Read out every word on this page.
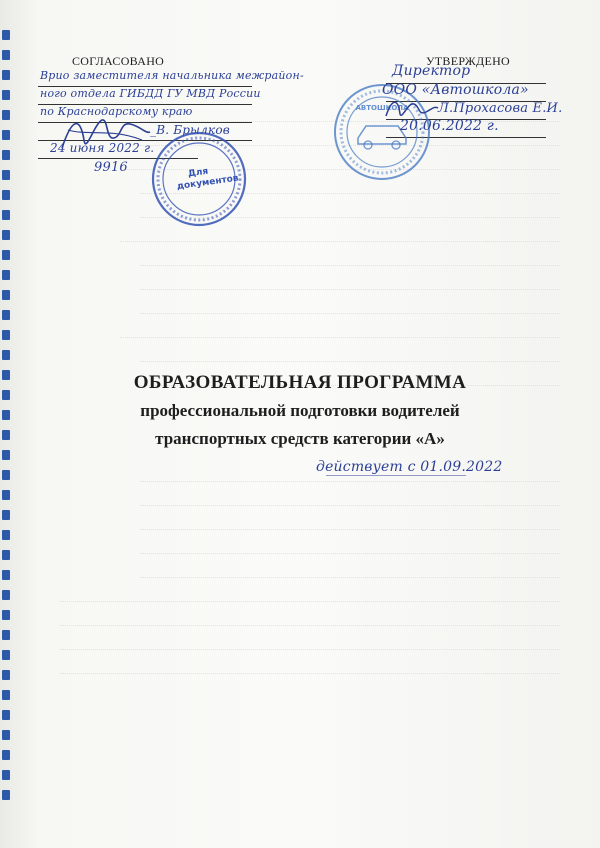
СОГЛАСОВАНО
Врио заместителя начальника межрайон-
ного отдела ГИБДД ГУ МВД России
по Краснодарскому краю
_В. Брылков
24 июня 2022 г.
9916	Для документов
УТВЕРЖДЕНО
АВТОШКОЛА
Директор
ООО «Автошкола»
Л.Прохасова Е.И.
20.06.2022 г.
ОБРАЗОВАТЕЛЬНАЯ ПРОГРАММА
профессиональной подготовки водителей
транспортных средств категории «А»
действует с 01.09.2022
